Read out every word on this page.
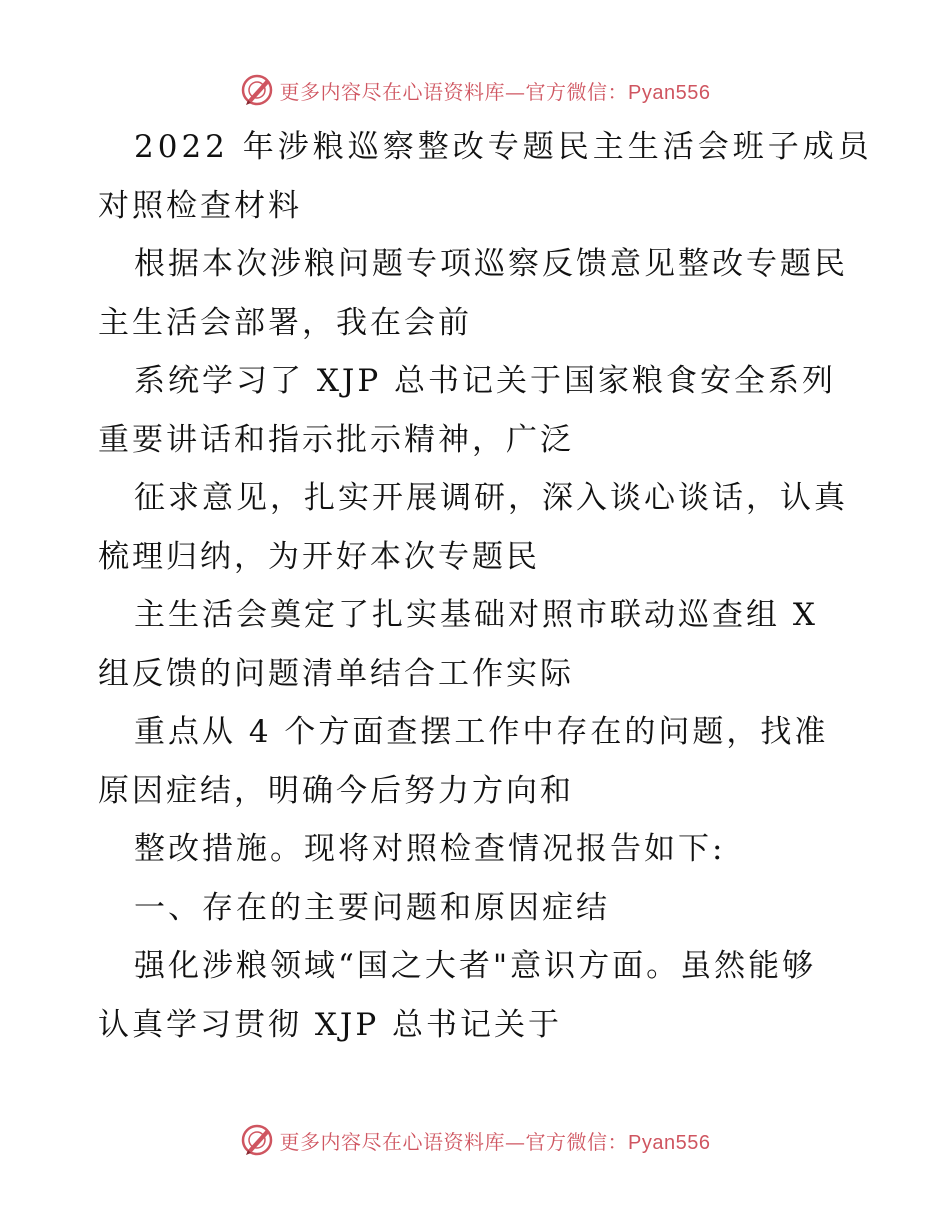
更多内容尽在心语资料库—官方微信：Pyan556
2022 年涉粮巡察整改专题民主生活会班子成员
对照检查材料
根据本次涉粮问题专项巡察反馈意见整改专题民
主生活会部署，我在会前
系统学习了 XJP 总书记关于国家粮食安全系列
重要讲话和指示批示精神，广泛
征求意见，扎实开展调研，深入谈心谈话，认真
梳理归纳，为开好本次专题民
主生活会奠定了扎实基础对照市联动巡查组 X
组反馈的问题清单结合工作实际
重点从 4 个方面查摆工作中存在的问题，找准
原因症结，明确今后努力方向和
整改措施。现将对照检查情况报告如下:
一、存在的主要问题和原因症结
强化涉粮领域“国之大者"意识方面。虽然能够
认真学习贯彻 XJP 总书记关于
更多内容尽在心语资料库—官方微信：Pyan556
